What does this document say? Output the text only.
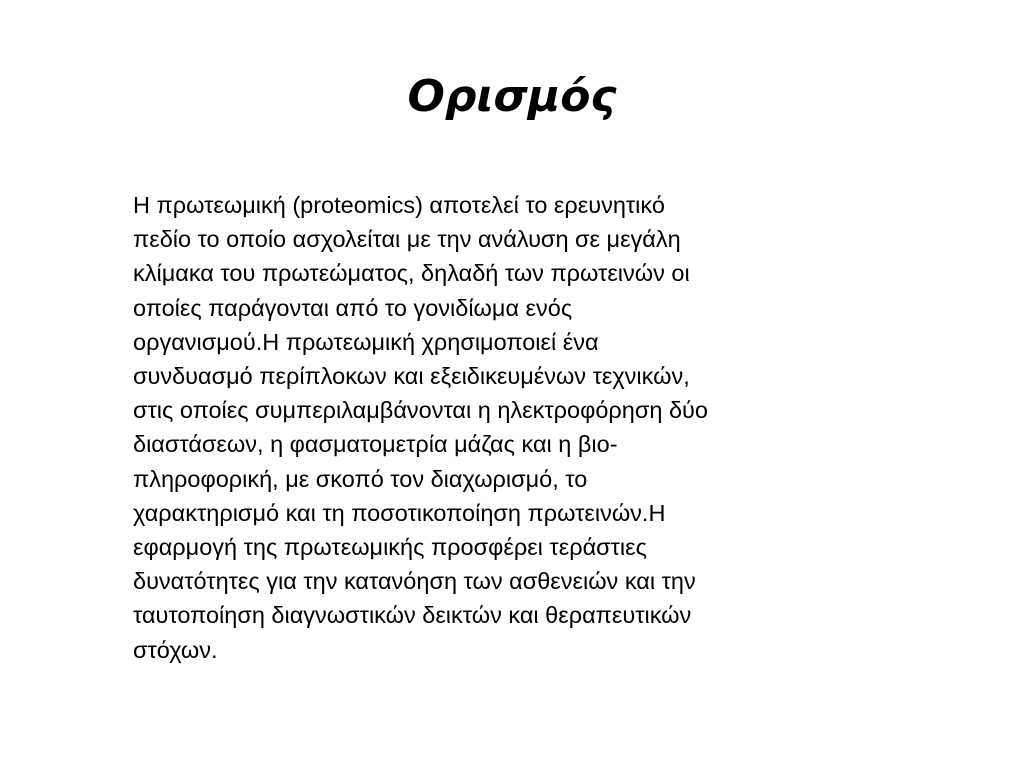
Ορισμός
Η πρωτεωμική (proteomics) αποτελεί το ερευνητικό
πεδίο το οποίο ασχολείται με την ανάλυση σε μεγάλη
κλίμακα του πρωτεώματος, δηλαδή των πρωτεινών οι
οποίες παράγονται από το γονιδίωμα ενός
οργανισμού.Η πρωτεωμική χρησιμοποιεί ένα
συνδυασμό περίπλοκων και εξειδικευμένων τεχνικών,
στις οποίες συμπεριλαμβάνονται η ηλεκτροφόρηση δύο
διαστάσεων, η φασματομετρία μάζας και η βιο-
πληροφορική, με σκοπό τον διαχωρισμό, το
χαρακτηρισμό και τη ποσοτικοποίηση πρωτεινών.Η
εφαρμογή της πρωτεωμικής προσφέρει τεράστιες
δυνατότητες για την κατανόηση των ασθενειών και την
ταυτοποίηση διαγνωστικών δεικτών και θεραπευτικών
στόχων.
